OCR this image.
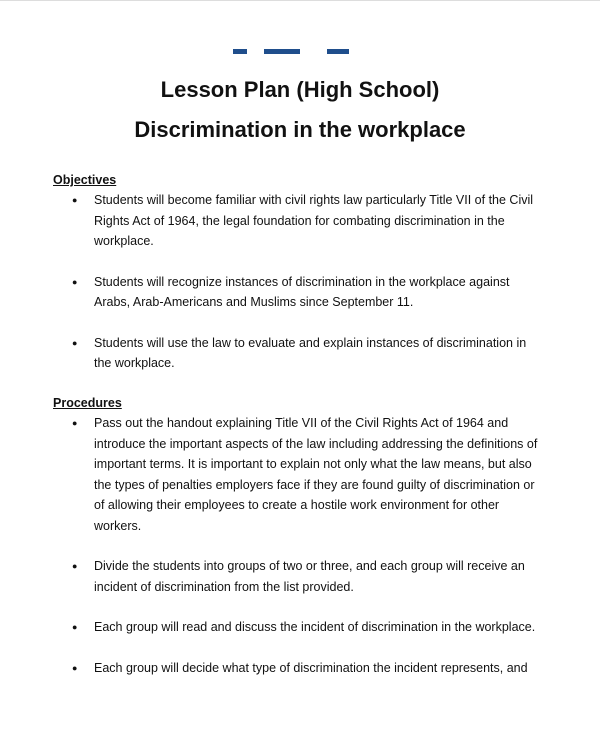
Lesson Plan (High School)
Discrimination in the workplace
Objectives
● Students will become familiar with civil rights law particularly Title VII of the Civil Rights Act of 1964, the legal foundation for combating discrimination in the workplace.
● Students will recognize instances of discrimination in the workplace against Arabs, Arab-Americans and Muslims since September 11.
● Students will use the law to evaluate and explain instances of discrimination in the workplace.
Procedures
● Pass out the handout explaining Title VII of the Civil Rights Act of 1964 and introduce the important aspects of the law including addressing the definitions of important terms. It is important to explain not only what the law means, but also the types of penalties employers face if they are found guilty of discrimination or of allowing their employees to create a hostile work environment for other workers.
● Divide the students into groups of two or three, and each group will receive an incident of discrimination from the list provided.
● Each group will read and discuss the incident of discrimination in the workplace.
● Each group will decide what type of discrimination the incident represents, and
